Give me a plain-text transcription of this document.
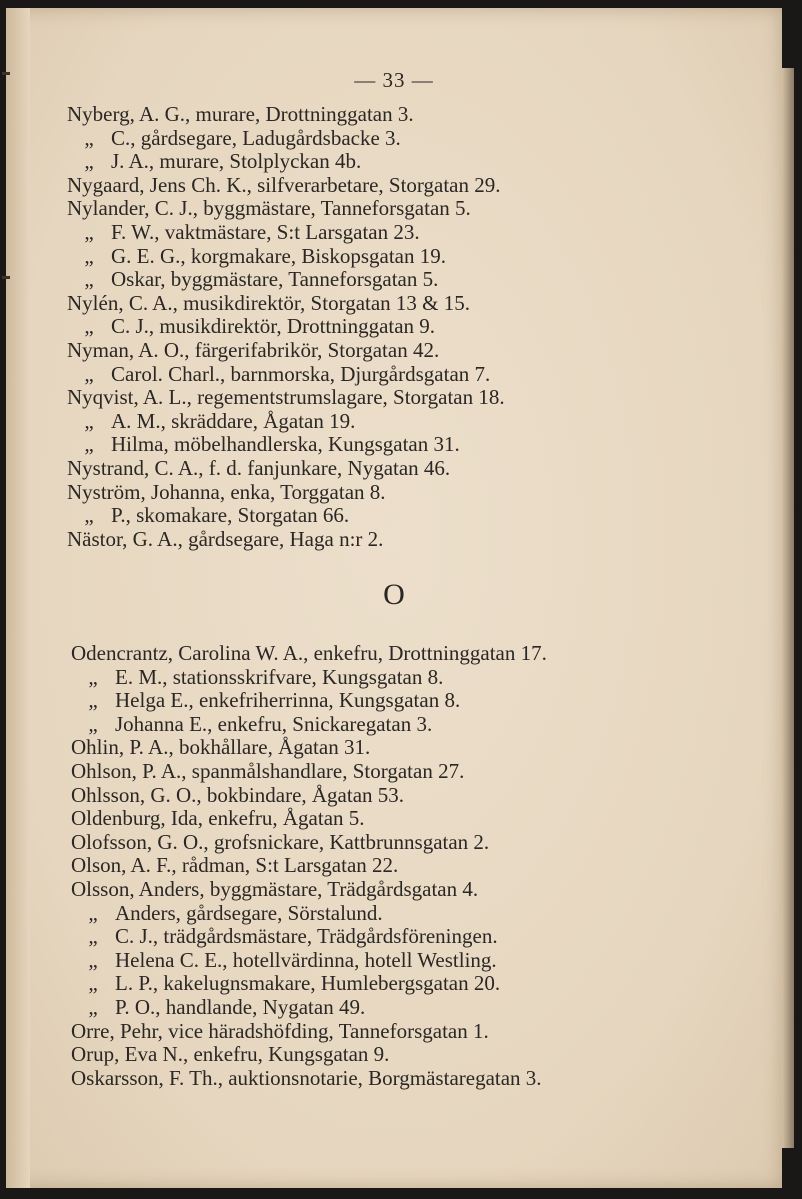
— 33 —
Nyberg, A. G., murare, Drottninggatan 3.
„ C., gårdsegare, Ladugårdsbacke 3.
„ J. A., murare, Stolplyckan 4b.
Nygaard, Jens Ch. K., silfverarbetare, Storgatan 29.
Nylander, C. J., byggmästare, Tanneforsgatan 5.
„ F. W., vaktmästare, S:t Larsgatan 23.
„ G. E. G., korgmakare, Biskopsgatan 19.
„ Oskar, byggmästare, Tanneforsgatan 5.
Nylén, C. A., musikdirektör, Storgatan 13 & 15.
„ C. J., musikdirektör, Drottninggatan 9.
Nyman, A. O., färgerifabrikör, Storgatan 42.
„ Carol. Charl., barnmorska, Djurgårdsgatan 7.
Nyqvist, A. L., regementstrumslagare, Storgatan 18.
„ A. M., skräddare, Ågatan 19.
„ Hilma, möbelhandlerska, Kungsgatan 31.
Nystrand, C. A., f. d. fanjunkare, Nygatan 46.
Nyström, Johanna, enka, Torggatan 8.
„ P., skomakare, Storgatan 66.
Nästor, G. A., gårdsegare, Haga n:r 2.
O
Odencrantz, Carolina W. A., enkefru, Drottninggatan 17.
„ E. M., stationsskrifvare, Kungsgatan 8.
„ Helga E., enkefriherrinna, Kungsgatan 8.
„ Johanna E., enkefru, Snickaregatan 3.
Ohlin, P. A., bokhållare, Ågatan 31.
Ohlson, P. A., spanmålshandlare, Storgatan 27.
Ohlsson, G. O., bokbindare, Ågatan 53.
Oldenburg, Ida, enkefru, Ågatan 5.
Olofsson, G. O., grofsnickare, Kattbrunnsgatan 2.
Olson, A. F., rådman, S:t Larsgatan 22.
Olsson, Anders, byggmästare, Trädgårdsgatan 4.
„ Anders, gårdsegare, Sörstalund.
„ C. J., trädgårdsmästare, Trädgårdsföreningen.
„ Helena C. E., hotellvärdinna, hotell Westling.
„ L. P., kakelugnsmakare, Humlebergsgatan 20.
„ P. O., handlande, Nygatan 49.
Orre, Pehr, vice häradshöfding, Tanneforsgatan 1.
Orup, Eva N., enkefru, Kungsgatan 9.
Oskarsson, F. Th., auktionsnotarie, Borgmästaregatan 3.
